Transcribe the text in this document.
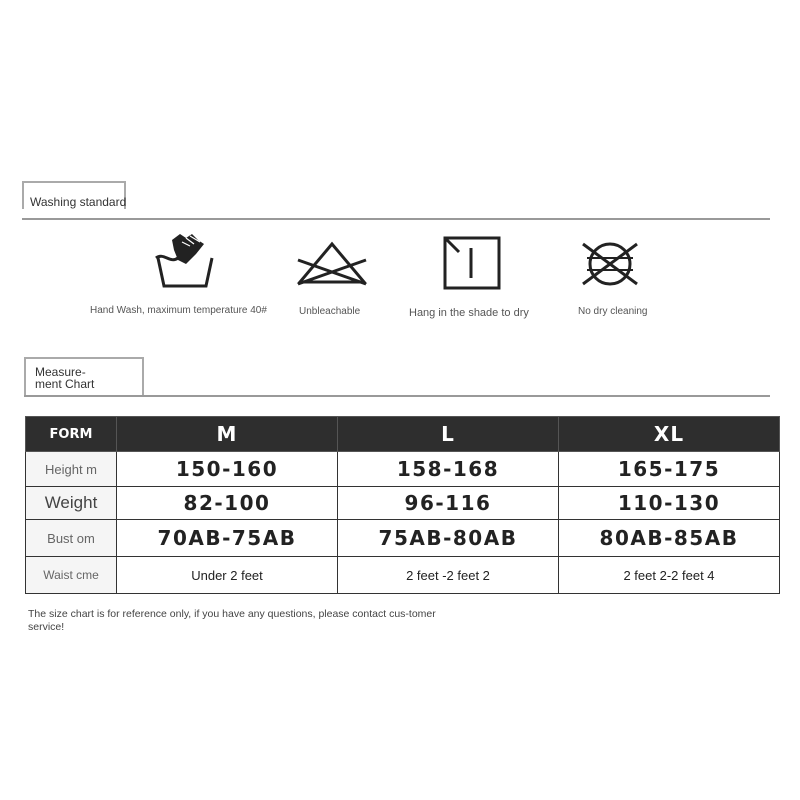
Washing standard
Hand Wash, maximum temperature 40#	Unbleachable	Hang in the shade to dry	No dry cleaning
Measure-
ment Chart
FORM	M	L	XL
Height m	150-160	158-168	165-175
Weight	82-100	96-116	110-130
Bust om	70AB-75AB	75AB-80AB	80AB-85AB
Waist cme	Under 2 feet	2 feet -2 feet 2	2 feet 2-2 feet 4
The size chart is for reference only, if you have any questions, please contact cus-tomer service!
